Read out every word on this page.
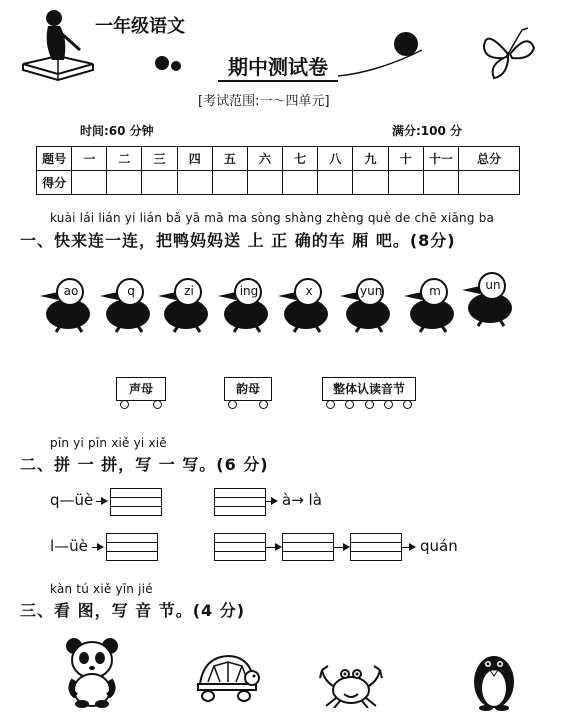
一年级语文
期中测试卷
[考试范围:一～四单元]
时间:60 分钟	满分:100 分
题号	一	二	三	四	五	六	七	八	九	十	十一	总分
得分												
kuài lái lián yi lián bǎ yā mā ma sòng shàng zhèng què de chē xiāng ba
一、快来连一连，把鸭妈妈送 上 正 确的车 厢 吧。(8分)
ao	q	zi	ing	x	yun	m	un
声母	韵母	整体认读音节
pīn yi pīn xiě yi xiě
二、拼 一 拼，写 一 写。(6 分)
q—üè	à→ là
l—üè	quán
kàn tú xiě yīn jié
三、看 图，写 音 节。(4 分)
